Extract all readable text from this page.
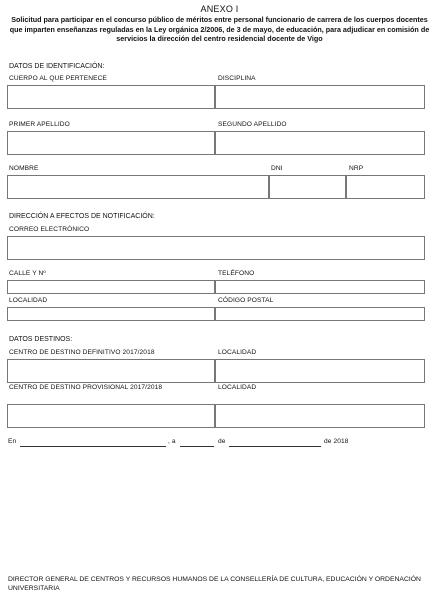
ANEXO I
Solicitud para participar en el concurso público de méritos entre personal funcionario de carrera de los cuerpos docentes que imparten enseñanzas reguladas en la Ley orgánica 2/2006, de 3 de mayo, de educación, para adjudicar en comisión de servicios la dirección del centro residencial docente de Vigo
DATOS DE IDENTIFICACIÓN:
CUERPO AL QUE PERTENECE	DISCIPLINA
PRIMER APELLIDO	SEGUNDO APELLIDO
NOMBRE	DNI	NRP
DIRECCIÓN A EFECTOS DE NOTIFICACIÓN:
CORREO ELECTRÓNICO
CALLE Y Nº	TELÉFONO
LOCALIDAD	CÓDIGO POSTAL
DATOS DESTINOS:
CENTRO DE DESTINO DEFINITIVO 2017/2018	LOCALIDAD
CENTRO DE DESTINO PROVISIONAL 2017/2018	LOCALIDAD
En	, a	de	de 2018
DIRECTOR GENERAL DE CENTROS Y RECURSOS HUMANOS DE LA CONSELLERÍA DE CULTURA, EDUCACIÓN Y ORDENACIÓN UNIVERSITARIA
